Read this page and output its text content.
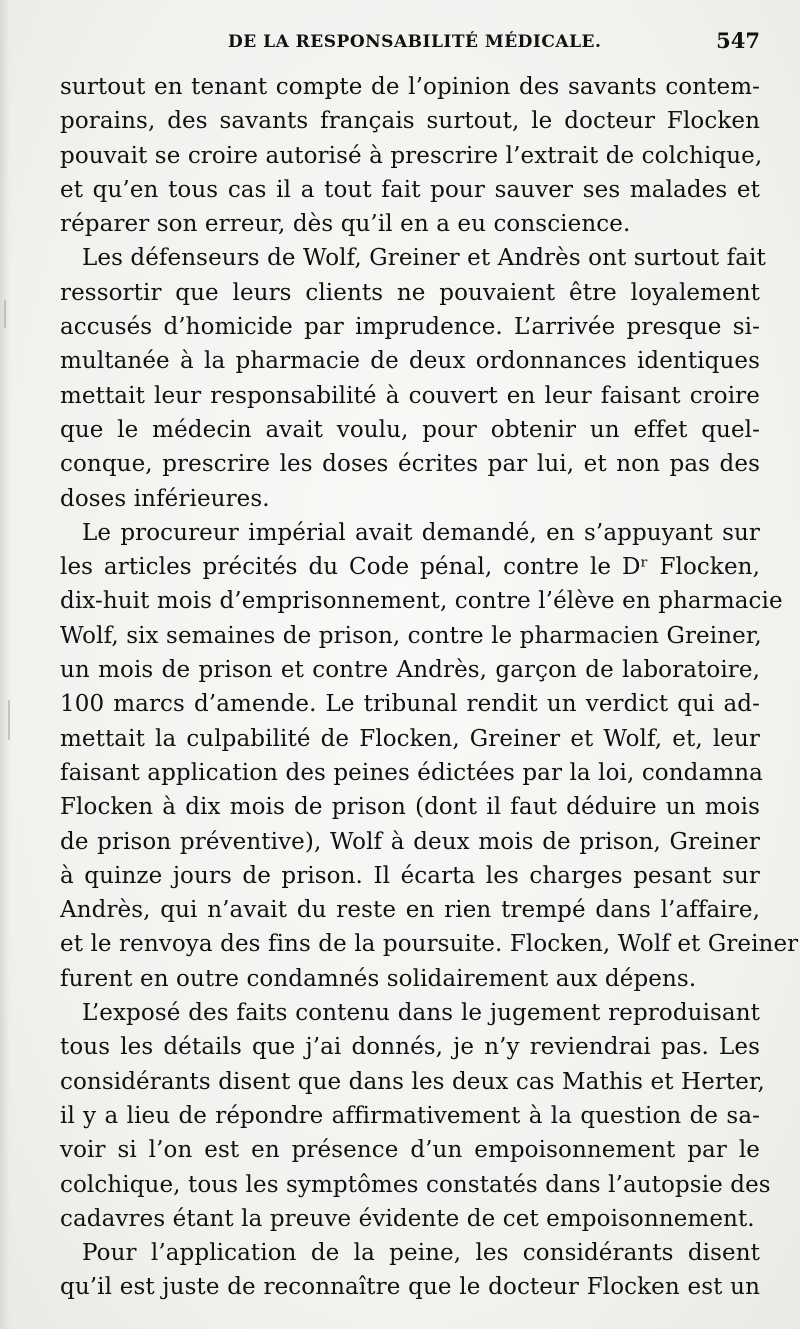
DE LA RESPONSABILITÉ MÉDICALE.	547
surtout en tenant compte de l’opinion des savants contem-
porains, des savants français surtout, le docteur Flocken
pouvait se croire autorisé à prescrire l’extrait de colchique,
et qu’en tous cas il a tout fait pour sauver ses malades et
réparer son erreur, dès qu’il en a eu conscience.
Les défenseurs de Wolf, Greiner et Andrès ont surtout fait
ressortir que leurs clients ne pouvaient être loyalement
accusés d’homicide par imprudence. L’arrivée presque si-
multanée à la pharmacie de deux ordonnances identiques
mettait leur responsabilité à couvert en leur faisant croire
que le médecin avait voulu, pour obtenir un effet quel-
conque, prescrire les doses écrites par lui, et non pas des
doses inférieures.
Le procureur impérial avait demandé, en s’appuyant sur
les articles précités du Code pénal, contre le Dʳ Flocken,
dix-huit mois d’emprisonnement, contre l’élève en pharmacie
Wolf, six semaines de prison, contre le pharmacien Greiner,
un mois de prison et contre Andrès, garçon de laboratoire,
100 marcs d’amende. Le tribunal rendit un verdict qui ad-
mettait la culpabilité de Flocken, Greiner et Wolf, et, leur
faisant application des peines édictées par la loi, condamna
Flocken à dix mois de prison (dont il faut déduire un mois
de prison préventive), Wolf à deux mois de prison, Greiner
à quinze jours de prison. Il écarta les charges pesant sur
Andrès, qui n’avait du reste en rien trempé dans l’affaire,
et le renvoya des fins de la poursuite. Flocken, Wolf et Greiner
furent en outre condamnés solidairement aux dépens.
L’exposé des faits contenu dans le jugement reproduisant
tous les détails que j’ai donnés, je n’y reviendrai pas. Les
considérants disent que dans les deux cas Mathis et Herter,
il y a lieu de répondre affirmativement à la question de sa-
voir si l’on est en présence d’un empoisonnement par le
colchique, tous les symptômes constatés dans l’autopsie des
cadavres étant la preuve évidente de cet empoisonnement.
Pour l’application de la peine, les considérants disent
qu’il est juste de reconnaître que le docteur Flocken est un
